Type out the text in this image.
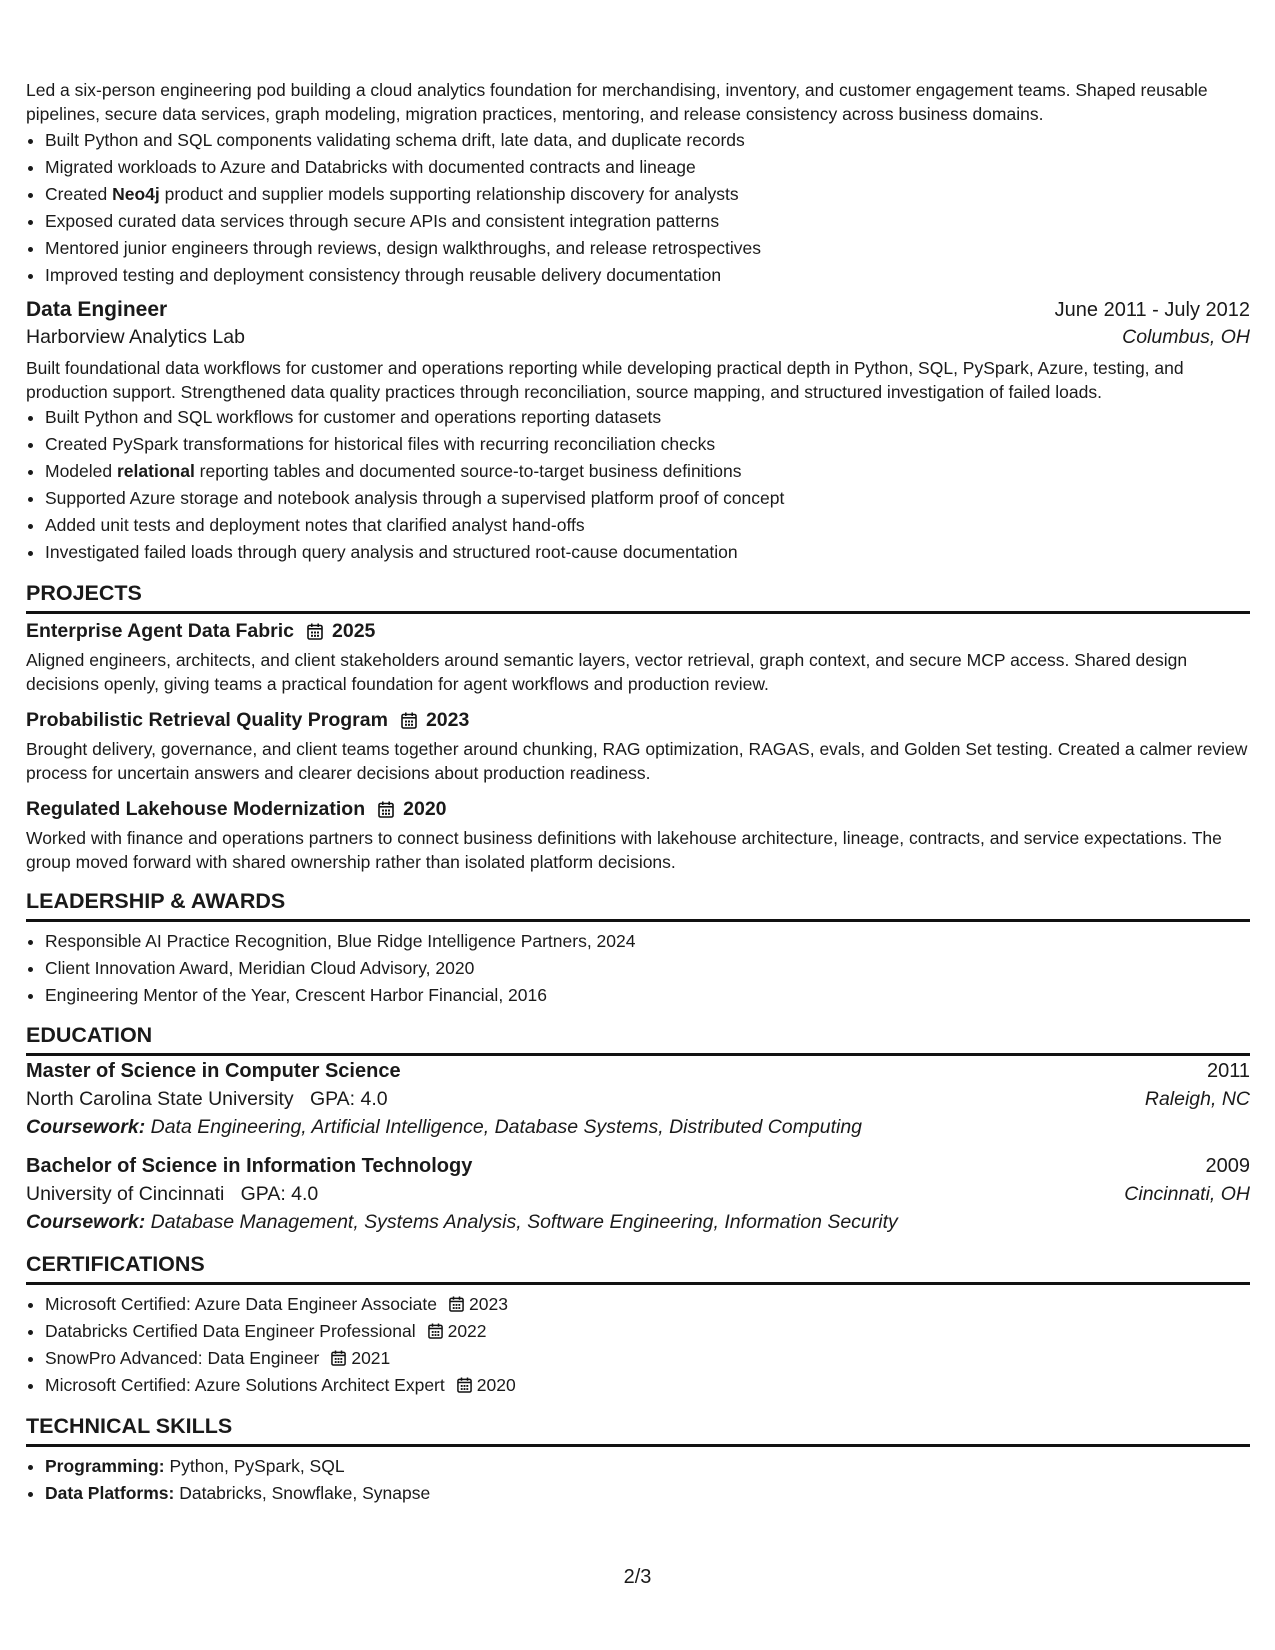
Led a six-person engineering pod building a cloud analytics foundation for merchandising, inventory, and customer engagement teams. Shaped reusable pipelines, secure data services, graph modeling, migration practices, mentoring, and release consistency across business domains.

• Built Python and SQL components validating schema drift, late data, and duplicate records
• Migrated workloads to Azure and Databricks with documented contracts and lineage
• Created Neo4j product and supplier models supporting relationship discovery for analysts
• Exposed curated data services through secure APIs and consistent integration patterns
• Mentored junior engineers through reviews, design walkthroughs, and release retrospectives
• Improved testing and deployment consistency through reusable delivery documentation
Data Engineer	June 2011 - July 2012
Harborview Analytics Lab	Columbus, OH

Built foundational data workflows for customer and operations reporting while developing practical depth in Python, SQL, PySpark, Azure, testing, and production support. Strengthened data quality practices through reconciliation, source mapping, and structured investigation of failed loads.

• Built Python and SQL workflows for customer and operations reporting datasets
• Created PySpark transformations for historical files with recurring reconciliation checks
• Modeled relational reporting tables and documented source-to-target business definitions
• Supported Azure storage and notebook analysis through a supervised platform proof of concept
• Added unit tests and deployment notes that clarified analyst hand-offs
• Investigated failed loads through query analysis and structured root-cause documentation
PROJECTS
Enterprise Agent Data Fabric 2025

Aligned engineers, architects, and client stakeholders around semantic layers, vector retrieval, graph context, and secure MCP access. Shared design decisions openly, giving teams a practical foundation for agent workflows and production review.

Probabilistic Retrieval Quality Program 2023

Brought delivery, governance, and client teams together around chunking, RAG optimization, RAGAS, evals, and Golden Set testing. Created a calmer review process for uncertain answers and clearer decisions about production readiness.

Regulated Lakehouse Modernization 2020

Worked with finance and operations partners to connect business definitions with lakehouse architecture, lineage, contracts, and service expectations. The group moved forward with shared ownership rather than isolated platform decisions.

LEADERSHIP & AWARDS
• Responsible AI Practice Recognition, Blue Ridge Intelligence Partners, 2024
• Client Innovation Award, Meridian Cloud Advisory, 2020
• Engineering Mentor of the Year, Crescent Harbor Financial, 2016
EDUCATION
Master of Science in Computer Science	2011
North Carolina State University GPA: 4.0	Raleigh, NC
Coursework: Data Engineering, Artificial Intelligence, Database Systems, Distributed Computing
Bachelor of Science in Information Technology	2009
University of Cincinnati GPA: 4.0	Cincinnati, OH
Coursework: Database Management, Systems Analysis, Software Engineering, Information Security
CERTIFICATIONS
• Microsoft Certified: Azure Data Engineer Associate 2023
• Databricks Certified Data Engineer Professional 2022
• SnowPro Advanced: Data Engineer 2021
• Microsoft Certified: Azure Solutions Architect Expert 2020
TECHNICAL SKILLS
• Programming: Python, PySpark, SQL
• Data Platforms: Databricks, Snowflake, Synapse
2/3
